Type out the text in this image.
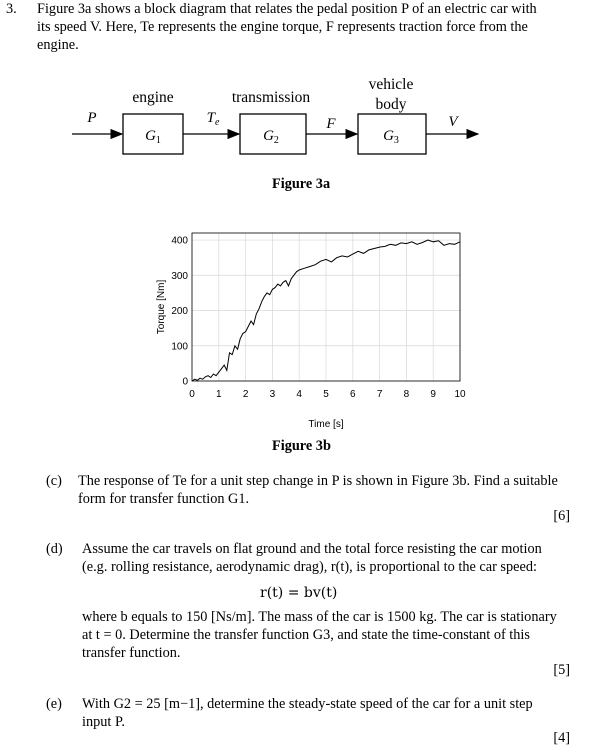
3. Figure 3a shows a block diagram that relates the pedal position P of an electric car with
its speed V. Here, Te represents the engine torque, F represents traction force from the
engine.
engine	transmission
vehicle
body
$G_1$	$G_2$	$G_3$
P	$T_e$	F	V
Figure 3a
0 1 2 3 4 5 6 7 8 9 10
0
100
200
300
400
Time [s]
Torque [Nm]
Figure 3b
(c) The response of Te for a unit step change in P is shown in Figure 3b. Find a suitable
form for transfer function G1.
[6]
(d) Assume the car travels on flat ground and the total force resisting the car motion
(e.g. rolling resistance, aerodynamic drag), r(t), is proportional to the car speed:
r(t) = bv(t)
where b equals to 150 [Ns/m]. The mass of the car is 1500 kg. The car is stationary
at t = 0. Determine the transfer function G3, and state the time-constant of this
transfer function.
[5]
(e) With G2 = 25 [m−1], determine the steady-state speed of the car for a unit step
input P.
[4]
